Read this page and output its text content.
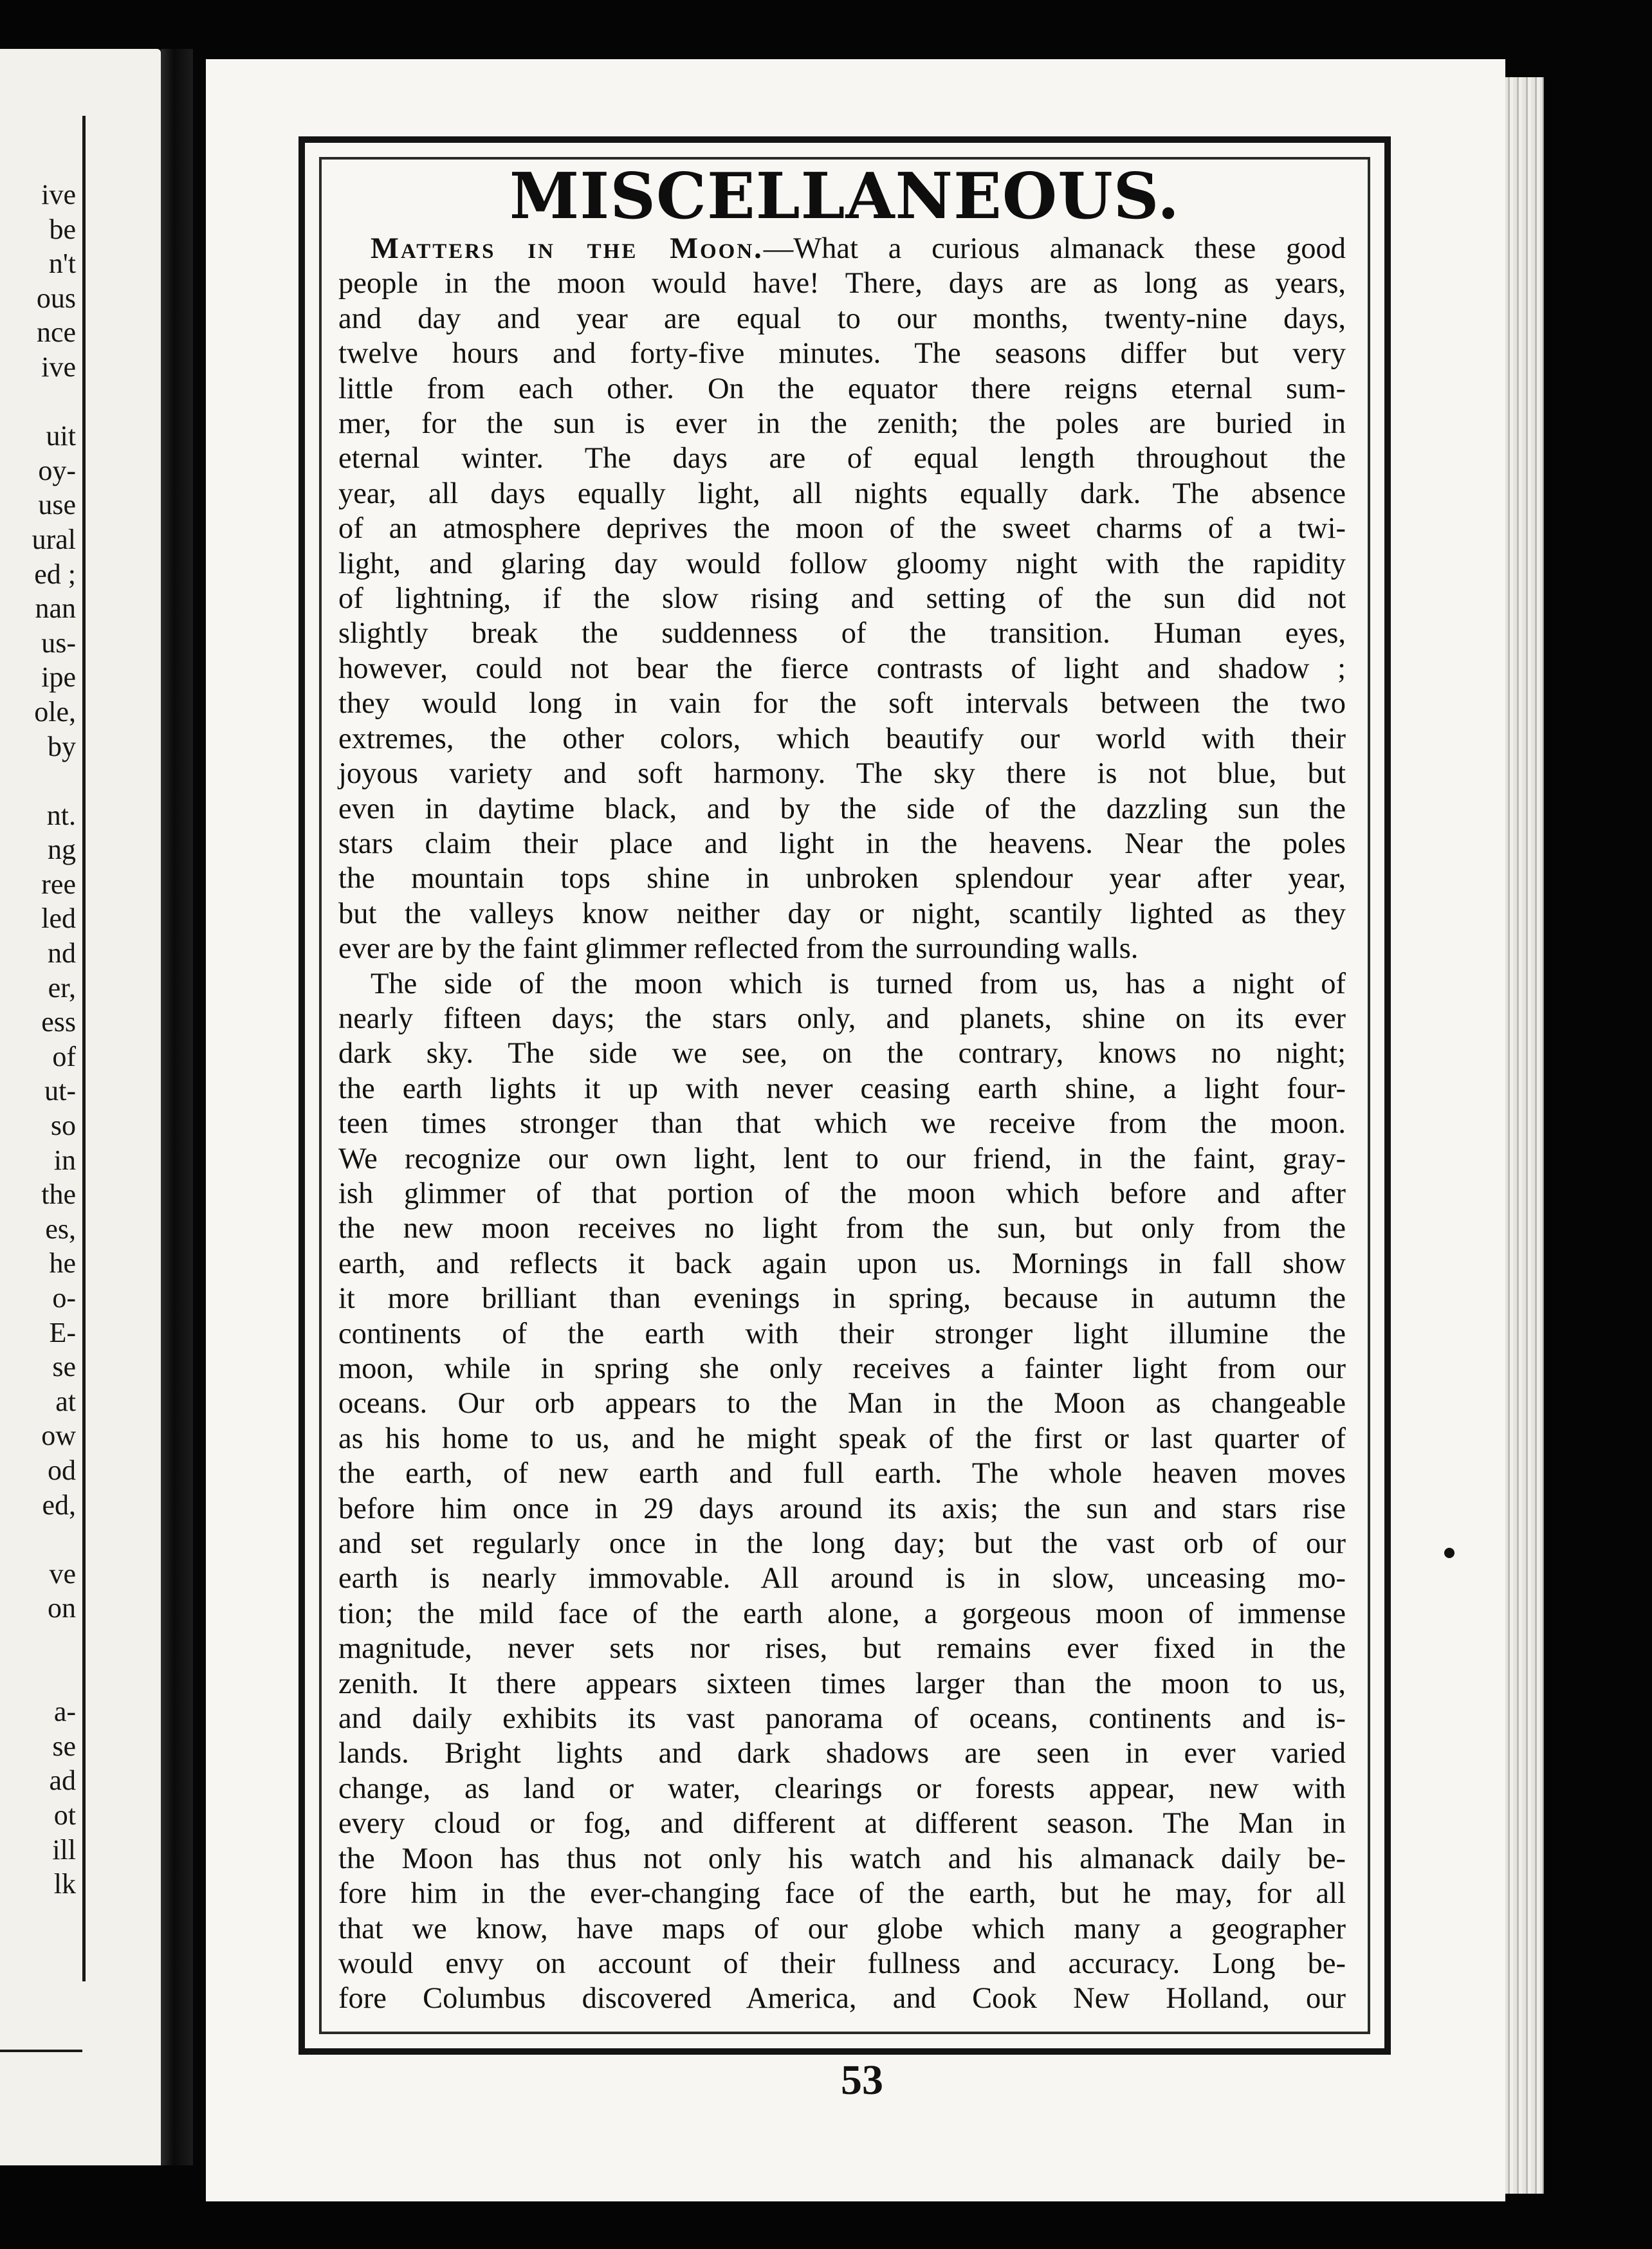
ive
be
n't
ous
nce
ive

uit
oy-
use
ural
ed ;
nan
us-
ipe
ole,
by

nt.
ng
ree
led
nd
er,
ess
of
ut-
so
in
the
es,
he
o-
E-
se
at
ow
od
ed,

ve
on

a-
se
ad
ot
ill
lk
MISCELLANEOUS.
Matters in the Moon.—What a curious almanack these good
people in the moon would have! There, days are as long as years,
and day and year are equal to our months, twenty-nine days,
twelve hours and forty-five minutes. The seasons differ but very
little from each other. On the equator there reigns eternal sum-
mer, for the sun is ever in the zenith; the poles are buried in
eternal winter. The days are of equal length throughout the
year, all days equally light, all nights equally dark. The absence
of an atmosphere deprives the moon of the sweet charms of a twi-
light, and glaring day would follow gloomy night with the rapidity
of lightning, if the slow rising and setting of the sun did not
slightly break the suddenness of the transition. Human eyes,
however, could not bear the fierce contrasts of light and shadow ;
they would long in vain for the soft intervals between the two
extremes, the other colors, which beautify our world with their
joyous variety and soft harmony. The sky there is not blue, but
even in daytime black, and by the side of the dazzling sun the
stars claim their place and light in the heavens. Near the poles
the mountain tops shine in unbroken splendour year after year,
but the valleys know neither day or night, scantily lighted as they
ever are by the faint glimmer reflected from the surrounding walls.
The side of the moon which is turned from us, has a night of
nearly fifteen days; the stars only, and planets, shine on its ever
dark sky. The side we see, on the contrary, knows no night;
the earth lights it up with never ceasing earth shine, a light four-
teen times stronger than that which we receive from the moon.
We recognize our own light, lent to our friend, in the faint, gray-
ish glimmer of that portion of the moon which before and after
the new moon receives no light from the sun, but only from the
earth, and reflects it back again upon us. Mornings in fall show
it more brilliant than evenings in spring, because in autumn the
continents of the earth with their stronger light illumine the
moon, while in spring she only receives a fainter light from our
oceans. Our orb appears to the Man in the Moon as changeable
as his home to us, and he might speak of the first or last quarter of
the earth, of new earth and full earth. The whole heaven moves
before him once in 29 days around its axis; the sun and stars rise
and set regularly once in the long day; but the vast orb of our
earth is nearly immovable. All around is in slow, unceasing mo-
tion; the mild face of the earth alone, a gorgeous moon of immense
magnitude, never sets nor rises, but remains ever fixed in the
zenith. It there appears sixteen times larger than the moon to us,
and daily exhibits its vast panorama of oceans, continents and is-
lands. Bright lights and dark shadows are seen in ever varied
change, as land or water, clearings or forests appear, new with
every cloud or fog, and different at different season. The Man in
the Moon has thus not only his watch and his almanack daily be-
fore him in the ever-changing face of the earth, but he may, for all
that we know, have maps of our globe which many a geographer
would envy on account of their fullness and accuracy. Long be-
fore Columbus discovered America, and Cook New Holland, our
53
